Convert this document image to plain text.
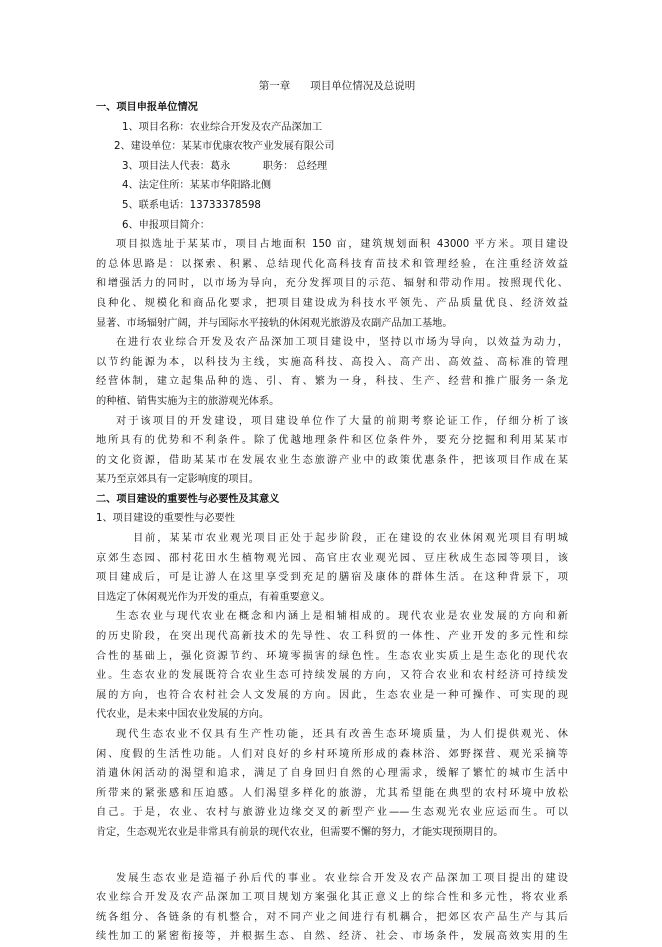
第一章      项目单位情况及总说明
一、项目申报单位情况
1、项目名称：农业综合开发及农产品深加工
2、建设单位：某某市优康农牧产业发展有限公司
3、项目法人代表：葛永          职务： 总经理
4、法定住所：某某市华阳路北侧
5、联系电话：13733378598
6、申报项目简介：
项目拟选址于某某市，项目占地面积 150 亩，建筑规划面积 43000 平方米。项目建设
的总体思路是：以探索、积累、总结现代化高科技育苗技术和管理经验，在注重经济效益
和增强活力的同时，以市场为导向，充分发挥项目的示范、辐射和带动作用。按照现代化、
良种化、规模化和商品化要求，把项目建设成为科技水平领先、产品质量优良、经济效益
显著、市场辐射广阔，并与国际水平接轨的休闲观光旅游及农副产品加工基地。
在进行农业综合开发及农产品深加工项目建设中，坚持以市场为导向，以效益为动力，
以节约能源为本，以科技为主线，实施高科技、高投入、高产出、高效益、高标准的管理
经营体制，建立起集品种的选、引、育、繁为一身，科技、生产、经营和推广服务一条龙
的种植、销售实施为主的旅游观光体系。
对于该项目的开发建设，项目建设单位作了大量的前期考察论证工作，仔细分析了该
地所具有的优势和不利条件。除了优越地理条件和区位条件外，要充分挖掘和利用某某市
的文化资源，借助某某市在发展农业生态旅游产业中的政策优惠条件，把该项目作成在某
某乃至京郊具有一定影响度的项目。
二、项目建设的重要性与必要性及其意义
1、项目建设的重要性与必要性
目前，某某市农业观光项目正处于起步阶段，正在建设的农业休闲观光项目有明城
京郊生态园、邵村花田水生植物观光园、高官庄农业观光园、豆庄秋成生态园等项目，该
项目建成后，可是让游人在这里享受到充足的膳宿及康体的群体生活。在这种背景下，项
目选定了休闲观光作为开发的重点，有着重要意义。
生态农业与现代农业在概念和内涵上是相辅相成的。现代农业是农业发展的方向和新
的历史阶段，在突出现代高新技术的先导性、农工科贸的一体性、产业开发的多元性和综
合性的基础上，强化资源节约、环境零损害的绿色性。生态农业实质上是生态化的现代农
业。生态农业的发展既符合农业生态可持续发展的方向，又符合农业和农村经济可持续发
展的方向，也符合农村社会人文发展的方向。因此，生态农业是一种可操作、可实现的现
代农业，是未来中国农业发展的方向。
现代生态农业不仅具有生产性功能，还具有改善生态环境质量，为人们提供观光、休
闲、度假的生活性功能。人们对良好的乡村环境所形成的森林浴、郊野探营、观光采摘等
消遣休闲活动的渴望和追求，满足了自身回归自然的心理需求，缓解了繁忙的城市生活中
所带来的紧张感和压迫感。人们渴望多样化的旅游，尤其希望能在典型的农村环境中放松
自己。于是，农业、农村与旅游业边缘交叉的新型产业——生态观光农业应运而生。可以
肯定，生态观光农业是非常具有前景的现代农业，但需要不懈的努力，才能实现预期目的。
发展生态农业是造福子孙后代的事业。农业综合开发及农产品深加工项目提出的建设
农业综合开发及农产品深加工项目规划方案强化其正意义上的综合性和多元性，将农业系
统各组分、各链条的有机整合，对不同产业之间进行有机耦合，把郊区农产品生产与其后
续性加工的紧密衔接等，并根据生态、自然、经济、社会、市场条件，发展高效实用的生
